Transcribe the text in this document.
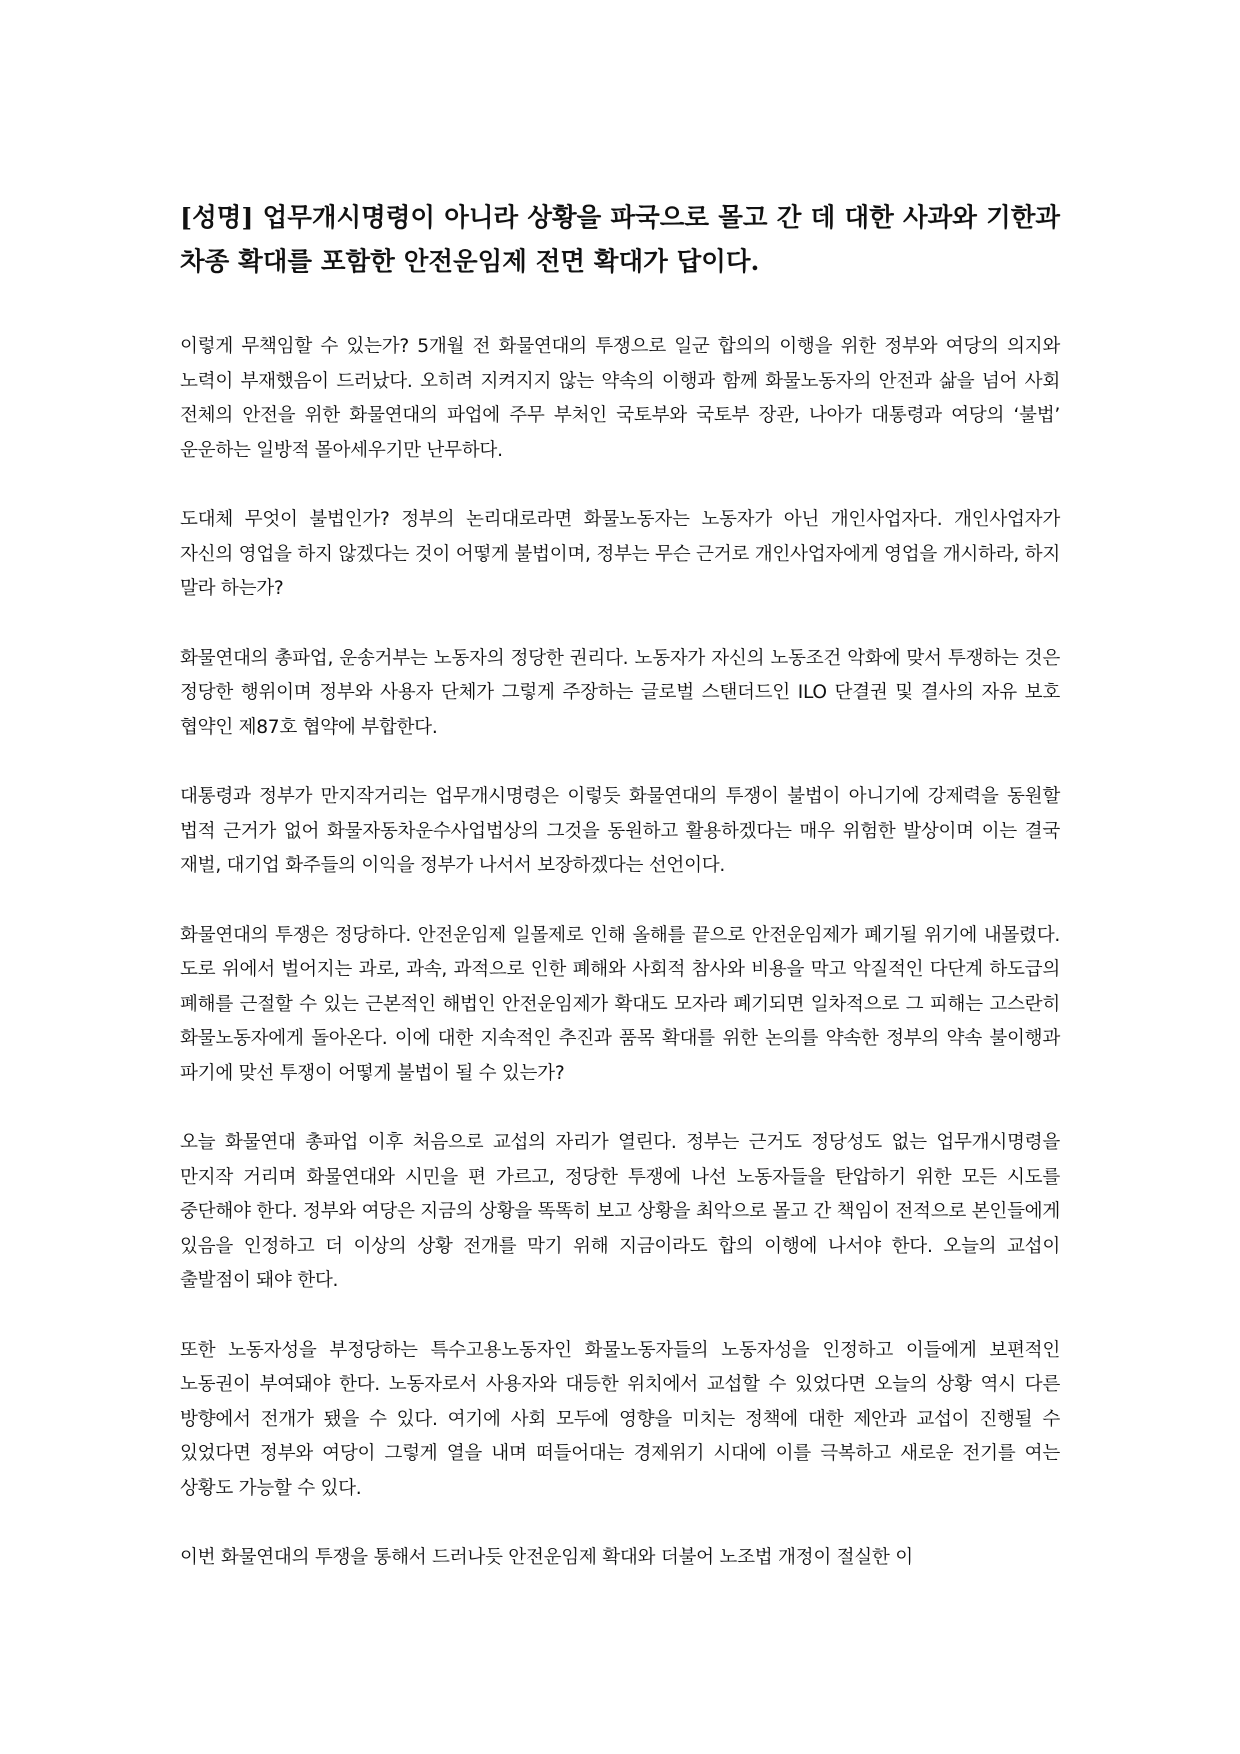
[성명] 업무개시명령이 아니라 상황을 파국으로 몰고 간 데 대한 사과와 기한과 차종 확대를 포함한 안전운임제 전면 확대가 답이다.

이렇게 무책임할 수 있는가? 5개월 전 화물연대의 투쟁으로 일군 합의의 이행을 위한 정부와 여당의 의지와 노력이 부재했음이 드러났다. 오히려 지켜지지 않는 약속의 이행과 함께 화물노동자의 안전과 삶을 넘어 사회 전체의 안전을 위한 화물연대의 파업에 주무 부처인 국토부와 국토부 장관, 나아가 대통령과 여당의 ‘불법’ 운운하는 일방적 몰아세우기만 난무하다.

도대체 무엇이 불법인가? 정부의 논리대로라면 화물노동자는 노동자가 아닌 개인사업자다. 개인사업자가 자신의 영업을 하지 않겠다는 것이 어떻게 불법이며, 정부는 무슨 근거로 개인사업자에게 영업을 개시하라, 하지 말라 하는가?

화물연대의 총파업, 운송거부는 노동자의 정당한 권리다. 노동자가 자신의 노동조건 악화에 맞서 투쟁하는 것은 정당한 행위이며 정부와 사용자 단체가 그렇게 주장하는 글로벌 스탠더드인 ILO 단결권 및 결사의 자유 보호 협약인 제87호 협약에 부합한다.

대통령과 정부가 만지작거리는 업무개시명령은 이렇듯 화물연대의 투쟁이 불법이 아니기에 강제력을 동원할 법적 근거가 없어 화물자동차운수사업법상의 그것을 동원하고 활용하겠다는 매우 위험한 발상이며 이는 결국 재벌, 대기업 화주들의 이익을 정부가 나서서 보장하겠다는 선언이다.

화물연대의 투쟁은 정당하다. 안전운임제 일몰제로 인해 올해를 끝으로 안전운임제가 폐기될 위기에 내몰렸다. 도로 위에서 벌어지는 과로, 과속, 과적으로 인한 폐해와 사회적 참사와 비용을 막고 악질적인 다단계 하도급의 폐해를 근절할 수 있는 근본적인 해법인 안전운임제가 확대도 모자라 폐기되면 일차적으로 그 피해는 고스란히 화물노동자에게 돌아온다. 이에 대한 지속적인 추진과 품목 확대를 위한 논의를 약속한 정부의 약속 불이행과 파기에 맞선 투쟁이 어떻게 불법이 될 수 있는가?

오늘 화물연대 총파업 이후 처음으로 교섭의 자리가 열린다. 정부는 근거도 정당성도 없는 업무개시명령을 만지작 거리며 화물연대와 시민을 편 가르고, 정당한 투쟁에 나선 노동자들을 탄압하기 위한 모든 시도를 중단해야 한다. 정부와 여당은 지금의 상황을 똑똑히 보고 상황을 최악으로 몰고 간 책임이 전적으로 본인들에게 있음을 인정하고 더 이상의 상황 전개를 막기 위해 지금이라도 합의 이행에 나서야 한다. 오늘의 교섭이 출발점이 돼야 한다.

또한 노동자성을 부정당하는 특수고용노동자인 화물노동자들의 노동자성을 인정하고 이들에게 보편적인 노동권이 부여돼야 한다. 노동자로서 사용자와 대등한 위치에서 교섭할 수 있었다면 오늘의 상황 역시 다른 방향에서 전개가 됐을 수 있다. 여기에 사회 모두에 영향을 미치는 정책에 대한 제안과 교섭이 진행될 수 있었다면 정부와 여당이 그렇게 열을 내며 떠들어대는 경제위기 시대에 이를 극복하고 새로운 전기를 여는 상황도 가능할 수 있다.

이번 화물연대의 투쟁을 통해서 드러나듯 안전운임제 확대와 더불어 노조법 개정이 절실한 이
